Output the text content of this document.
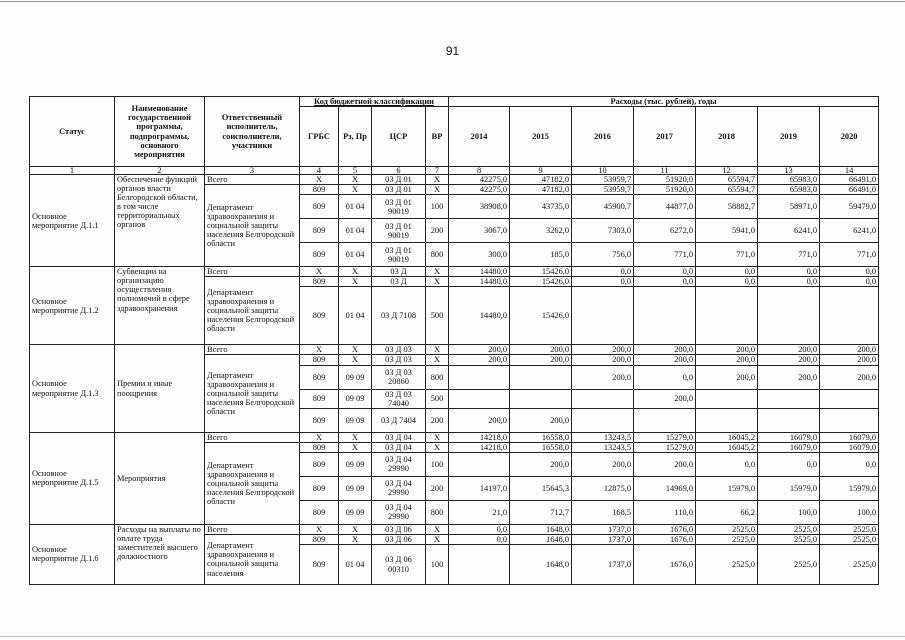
91
Статус	Наименование государственной программы, подпрограммы, основного мероприятия	Ответственный исполнитель, соисполнители, участники	Код бюджетной классификации				Расходы (тыс. рублей), годы						
			ГРБС	Рз, Пр	ЦСР	ВР	2014	2015	2016	2017	2018	2019	2020
1	2	3	4	5	6	7	8	9	10	11	12	13	14
Основное мероприятие Д.1.1	Обеспечение функций органов власти Белгородской области, в том числе территориальных органов	Всего	X	X	03 Д 01	X	42275,0	47182,0	53959,7	51920,0	65594,7	65983,0	66491,0
		Департамент здравоохранения и социальной защиты населения Белгородской области	809	X	03 Д 01	X	42275,0	47182,0	53959,7	51920,0	65594,7	65983,0	66491,0
			809	01 04	03 Д 01 90019	100	38908,0	43735,0	45900,7	44877,0	58882,7	58971,0	59479,0
			809	01 04	03 Д 01 90019	200	3067,0	3262,0	7303,0	6272,0	5941,0	6241,0	6241,0
			809	01 04	03 Д 01 90019	800	300,0	185,0	756,0	771,0	771,0	771,0	771,0
Основное мероприятие Д.1.2	Субвенции на организацию осуществления полномочий в сфере здравоохранения	Всего	X	X	03 Д	X	14480,0	15426,0	0,0	0,0	0,0	0,0	0,0
		Департамент здравоохранения и социальной защиты населения Белгородской области	809	X	03 Д	X	14480,0	15426,0	0,0	0,0	0,0	0,0	0,0
			809	01 04	03 Д 7108	500	14480,0	15426,0					
Основное мероприятие Д.1.3	Премии и иные поощрения	Всего	X	X	03 Д 03	X	200,0	200,0	200,0	200,0	200,0	200,0	200,0
		Департамент здравоохранения и социальной защиты населения Белгородской области	809	X	03 Д 03	X	200,0	200,0	200,0	200,0	200,0	200,0	200,0
			809	09 09	03 Д 03 20860	800			200,0	0,0	200,0	200,0	200,0
			809	09 09	03 Д 03 74040	500				200,0			
			809	09 09	03 Д 7404	200	200,0	200,0					
Основное мероприятие Д.1.5	Мероприятия	Всего	X	X	03 Д 04	X	14218,0	16558,0	13243,5	15279,0	16045,2	16079,0	16079,0
		Департамент здравоохранения и социальной защиты населения Белгородской области	809	X	03 Д 04	X	14218,0	16558,0	13243,5	15279,0	16045,2	16079,0	16079,0
			809	09 09	03 Д 04 29990	100		200,0	200,0	200,0	0,0	0,0	0,0
			809	09 09	03 Д 04 29990	200	14197,0	15645,3	12875,0	14969,0	15979,0	15979,0	15979,0
			809	09 09	03 Д 04 29990	800	21,0	712,7	168,5	110,0	66,2	100,0	100,0
Основное мероприятие Д.1.6	Расходы на выплаты по оплате труда заместителей высшего должностного	Всего	X	X	03 Д 06	X	0,0	1648,0	1737,0	1676,0	2525,0	2525,0	2525,0
		Департамент здравоохранения и социальной защиты населения	809	X	03 Д 06	X	0,0	1648,0	1737,0	1676,0	2525,0	2525,0	2525,0
			809	01 04	03 Д 06 00310	100		1648,0	1737,0	1676,0	2525,0	2525,0	2525,0
